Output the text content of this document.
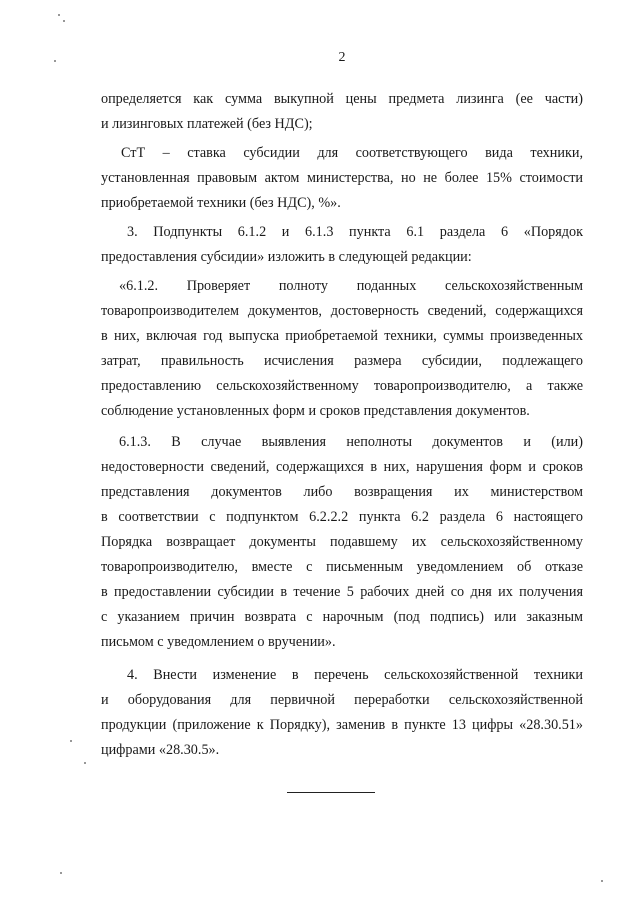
2
определяется как сумма выкупной цены предмета лизинга (ее части)
и лизинговых платежей (без НДС);
СтТ – ставка субсидии для соответствующего вида техники,
установленная правовым актом министерства, но не более 15% стоимости
приобретаемой техники (без НДС), %».
3. Подпункты 6.1.2 и 6.1.3 пункта 6.1 раздела 6 «Порядок
предоставления субсидии» изложить в следующей редакции:
«6.1.2. Проверяет полноту поданных сельскохозяйственным
товаропроизводителем документов, достоверность сведений, содержащихся
в них, включая год выпуска приобретаемой техники, суммы произведенных
затрат, правильность исчисления размера субсидии, подлежащего
предоставлению сельскохозяйственному товаропроизводителю, а также
соблюдение установленных форм и сроков представления документов.
6.1.3. В случае выявления неполноты документов и (или)
недостоверности сведений, содержащихся в них, нарушения форм и сроков
представления документов либо возвращения их министерством
в соответствии с подпунктом 6.2.2.2 пункта 6.2 раздела 6 настоящего
Порядка возвращает документы подавшему их сельскохозяйственному
товаропроизводителю, вместе с письменным уведомлением об отказе
в предоставлении субсидии в течение 5 рабочих дней со дня их получения
с указанием причин возврата с нарочным (под подпись) или заказным
письмом с уведомлением о вручении».
4. Внести изменение в перечень сельскохозяйственной техники
и оборудования для первичной переработки сельскохозяйственной
продукции (приложение к Порядку), заменив в пункте 13 цифры «28.30.51»
цифрами «28.30.5».
